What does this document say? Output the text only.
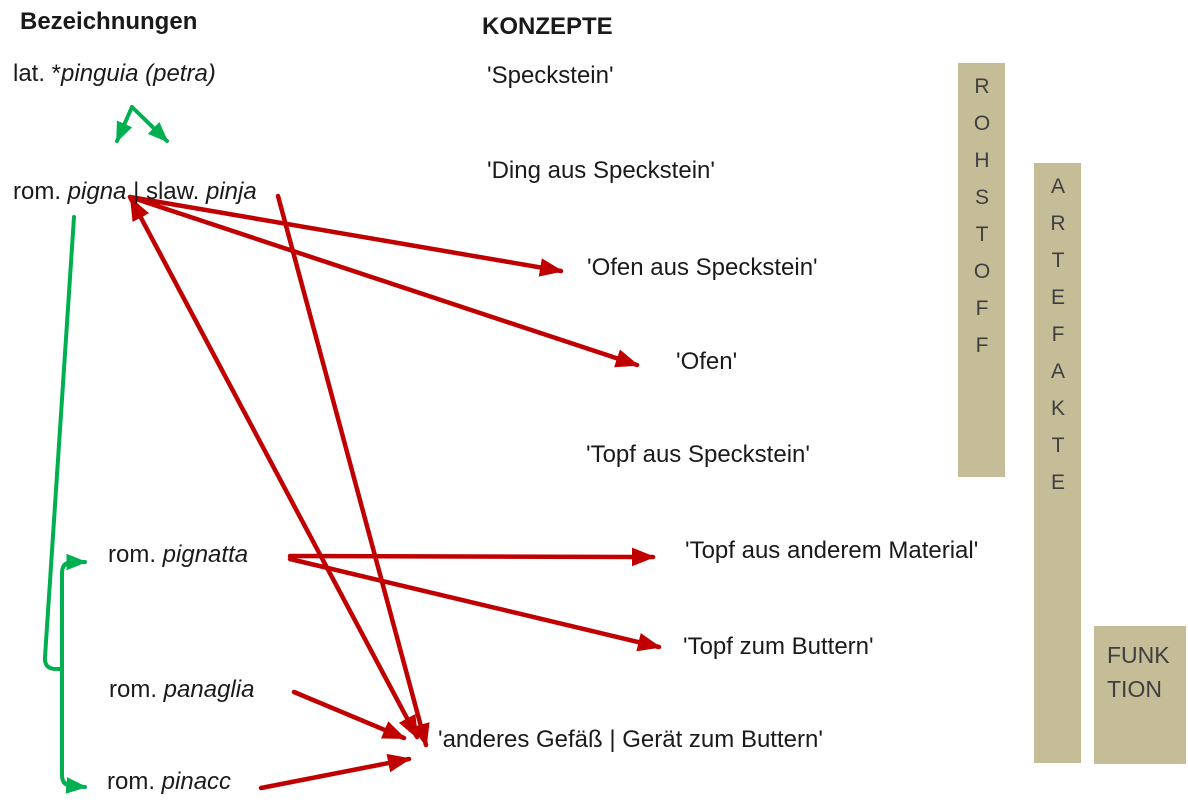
Bezeichnungen	KONZEPTE
lat. *pinguia (petra)
rom. pigna | slaw. pinja
rom. pignatta
rom. panaglia
rom. pinacc
'Speckstein'
'Ding aus Speckstein'
'Ofen aus Speckstein'
'Ofen'
'Topf aus Speckstein'
'Topf aus anderem Material'
'Topf zum Buttern'
'anderes Gefäß | Gerät zum Buttern'
ROHSTOFF	ARTEFAKTE
FUNK
TION
